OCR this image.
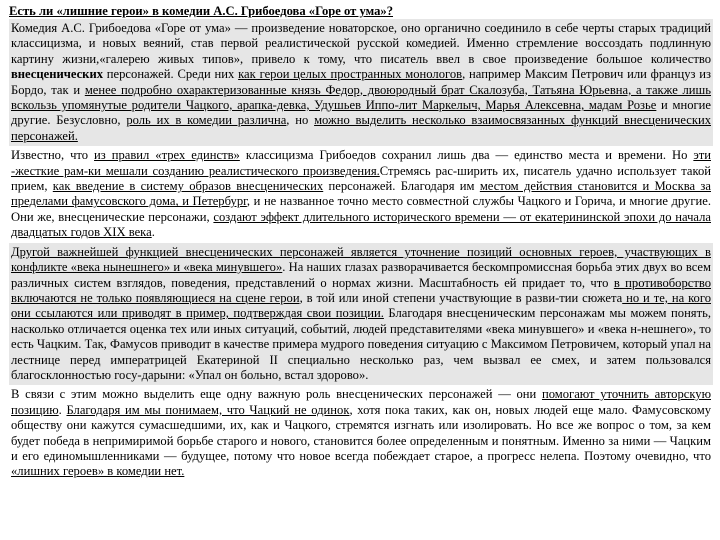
Есть ли «лишние герои» в комедии А.С. Грибоедова «Горе от ума»?

Комедия А.С. Грибоедова «Горе от ума» — произведение новаторское, оно органично соединило в себе черты старых традиций классицизма, и новых веяний, став первой реалистической русской комедией. Именно стремление воссоздать подлинную картину жизни,«галерею живых типов», привело к тому, что писатель ввел в свое произведение большое количество внесценических персонажей. Среди них как герои целых пространных монологов, например Максим Петрович или француз из Бордо, так и менее подробно охарактеризованные князь Федор, двоюродный брат Скалозуба, Татьяна Юрьевна, а также лишь вскользь упомянутые родители Чацкого, арапка-девка, Удушьев Иппо-лит Маркелыч, Марья Алексевна, мадам Розье и многие другие. Безусловно, роль их в комедии различна, но можно выделить несколько взаимосвязанных функций внесценических персонажей.

Известно, что из правил «трех единств» классицизма Грибоедов сохранил лишь два — единство места и времени. Но эти -жесткие рам-ки мешали созданию реалистического произведения.Стремясь рас-ширить их, писатель удачно использует такой прием, как введение в систему образов внесценических персонажей. Благодаря им местом действия становится и Москва за пределами фамусовского дома, и Петербург, и не названное точно место совместной службы Чацкого и Горича, и многие другие. Они же, внесценические персонажи, создают эффект длительного исторического времени — от екатерининской эпохи до начала двадцатых годов XIX века.

Другой важнейшей функцией внесценических персонажей является уточнение позиций основных героев, участвующих в конфликте «века нынешнего» и «века минувшего». На наших глазах разворачивается бескомпромиссная борьба этих двух во всем различных систем взглядов, поведения, представлений о нормах жизни. Масштабность ей придает то, что в противоборство включаются не только появляющиеся на сцене герои, в той или иной степени участвующие в разви-тии сюжета но и те, на кого они ссылаются или приводят в пример, подтверждая свои позиции. Благодаря внесценическим персонажам мы можем понять, насколько отличается оценка тех или иных ситуаций, событий, людей представителями «века минувшего» и «века н-нешнего», то есть Чацким. Так, Фамусов приводит в качестве примера мудрого поведения ситуацию с Максимом Петровичем, который упал на лестнице перед императрицей Екатериной II специально несколько раз, чем вызвал ее смех, и затем пользовался благосклонностью госу-дарыни: «Упал он больно, встал здорово».

В связи с этим можно выделить еще одну важную роль внесценических персонажей — они помогают уточнить авторскую позицию. Благодаря им мы понимаем, что Чацкий не одинок, хотя пока таких, как он, новых людей еще мало. Фамусовскому обществу они кажутся сумасшедшими, их, как и Чацкого, стремятся изгнать или изолировать. Но все же вопрос о том, за кем будет победа в непримиримой борьбе старого и нового, становится более определенным и понятным. Именно за ними — Чацким и его единомышленниками — будущее, потому что новое всегда побеждает старое, а прогресс нелепа. Поэтому очевидно, что «лишних героев» в комедии нет.
